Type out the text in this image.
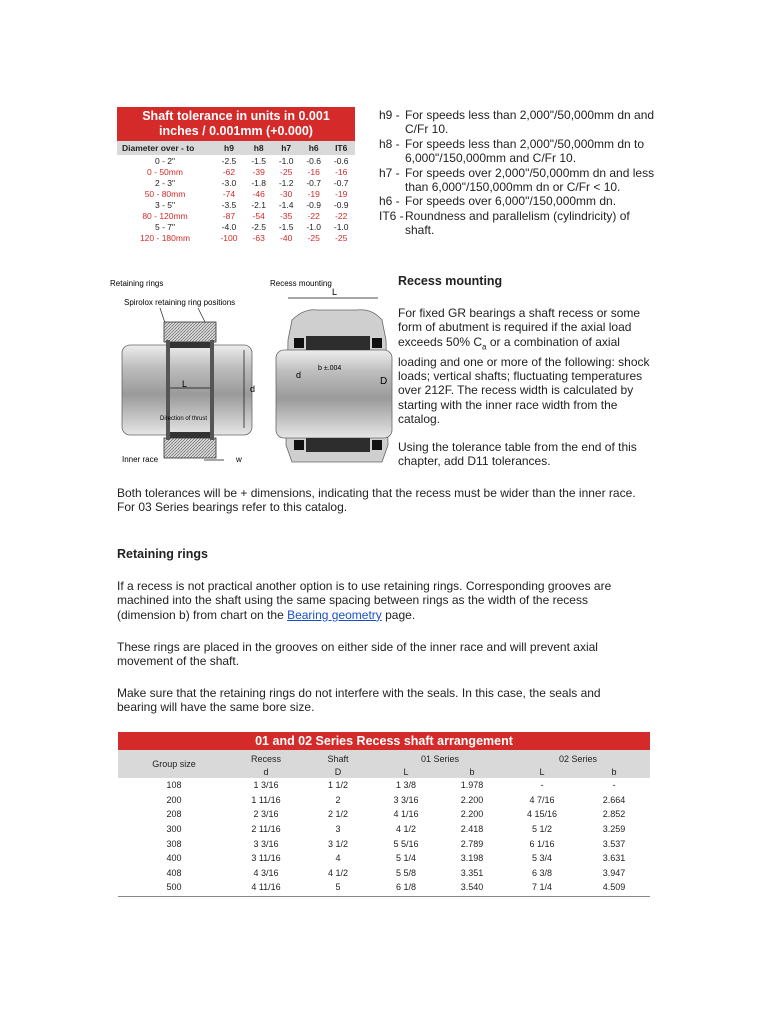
Shaft tolerance in units in 0.001
inches / 0.001mm (+0.000)					
Diameter over - to	h9	h8	h7	h6	IT6
0 - 2"	-2.5	-1.5	-1.0	-0.6	-0.6
0 - 50mm	-62	-39	-25	-16	-16
2 - 3"	-3.0	-1.8	-1.2	-0.7	-0.7
50 - 80mm	-74	-46	-30	-19	-19
3 - 5"	-3.5	-2.1	-1.4	-0.9	-0.9
80 - 120mm	-87	-54	-35	-22	-22
5 - 7"	-4.0	-2.5	-1.5	-1.0	-1.0
120 - 180mm	-100	-63	-40	-25	-25
h9 - For speeds less than 2,000"/50,000mm dn and C/Fr 10.
h8 - For speeds less than 2,000"/50,000mm dn to 6,000"/150,000mm and C/Fr 10.
h7 - For speeds over 2,000"/50,000mm dn and less than 6,000"/150,000mm dn or C/Fr < 10.
h6 - For speeds over 6,000"/150,000mm dn.
IT6 - Roundness and parallelism (cylindricity) of shaft.
Retaining rings
Spirolox retaining ring positions
L	d
Direction of thrust
w
Inner race
Recess mounting
L
b ±.004
d
D
Recess mounting
For fixed GR bearings a shaft recess or some form of abutment is required if the axial load exceeds 50% $C_a$ or a combination of axial loading and one or more of the following: shock loads; vertical shafts; fluctuating temperatures over 212F. The recess width is calculated by starting with the inner race width from the catalog.
Using the tolerance table from the end of this chapter, add D11 tolerances.
Both tolerances will be + dimensions, indicating that the recess must be wider than the inner race. For 03 Series bearings refer to this catalog.
Retaining rings
If a recess is not practical another option is to use retaining rings. Corresponding grooves are machined into the shaft using the same spacing between rings as the width of the recess (dimension b) from chart on the Bearing geometry page.
These rings are placed in the grooves on either side of the inner race and will prevent axial movement of the shaft.
Make sure that the retaining rings do not interfere with the seals. In this case, the seals and bearing will have the same bore size.
01 and 02 Series Recess shaft arrangement						
Group size	Recess	Shaft	01 Series		02 Series	
	d	D	L	b	L	b
108	1 3/16	1 1/2	1 3/8	1.978	-	-
200	1 11/16	2	3 3/16	2.200	4 7/16	2.664
208	2 3/16	2 1/2	4 1/16	2.200	4 15/16	2.852
300	2 11/16	3	4 1/2	2.418	5 1/2	3.259
308	3 3/16	3 1/2	5 5/16	2.789	6 1/16	3.537
400	3 11/16	4	5 1/4	3.198	5 3/4	3.631
408	4 3/16	4 1/2	5 5/8	3.351	6 3/8	3.947
500	4 11/16	5	6 1/8	3.540	7 1/4	4.509
